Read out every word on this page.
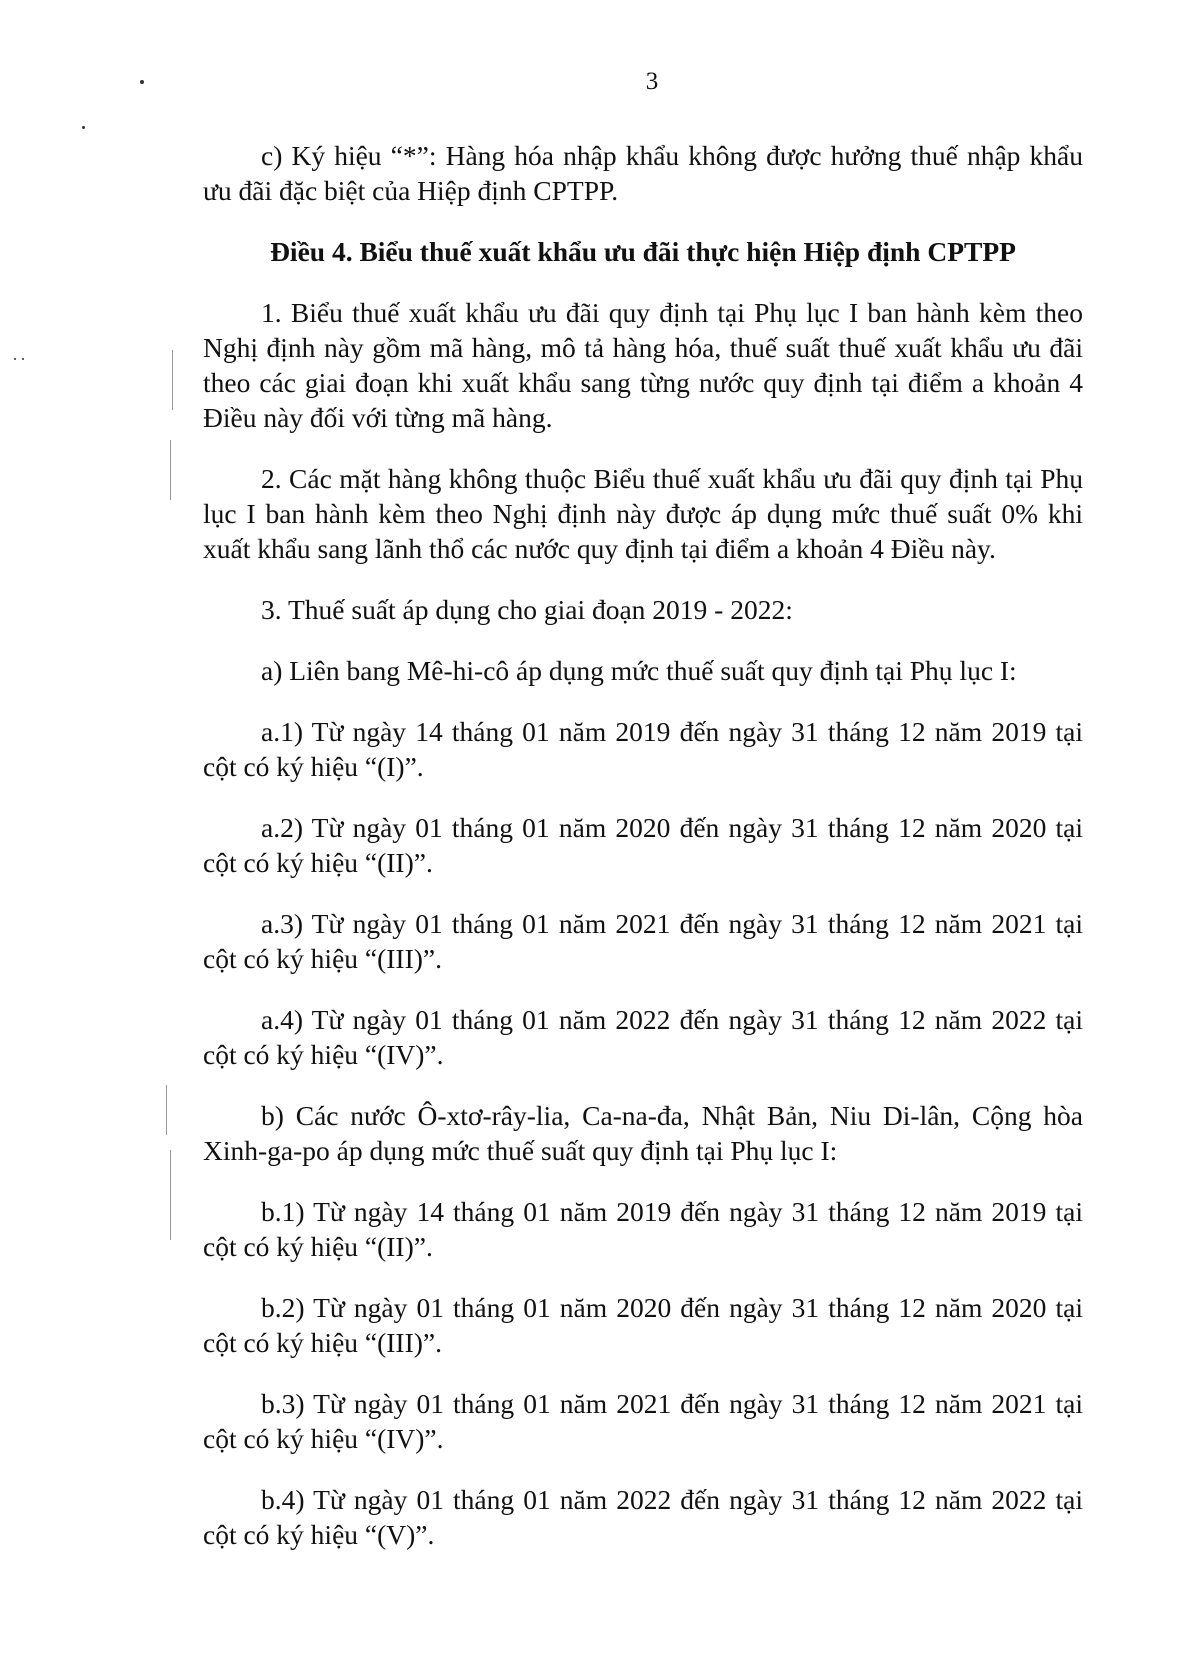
3

c) Ký hiệu “*”: Hàng hóa nhập khẩu không được hưởng thuế nhập khẩu ưu đãi đặc biệt của Hiệp định CPTPP.

Điều 4. Biểu thuế xuất khẩu ưu đãi thực hiện Hiệp định CPTPP

1. Biểu thuế xuất khẩu ưu đãi quy định tại Phụ lục I ban hành kèm theo Nghị định này gồm mã hàng, mô tả hàng hóa, thuế suất thuế xuất khẩu ưu đãi theo các giai đoạn khi xuất khẩu sang từng nước quy định tại điểm a khoản 4 Điều này đối với từng mã hàng.

2. Các mặt hàng không thuộc Biểu thuế xuất khẩu ưu đãi quy định tại Phụ lục I ban hành kèm theo Nghị định này được áp dụng mức thuế suất 0% khi xuất khẩu sang lãnh thổ các nước quy định tại điểm a khoản 4 Điều này.

3. Thuế suất áp dụng cho giai đoạn 2019 - 2022:

a) Liên bang Mê-hi-cô áp dụng mức thuế suất quy định tại Phụ lục I:

a.1) Từ ngày 14 tháng 01 năm 2019 đến ngày 31 tháng 12 năm 2019 tại cột có ký hiệu “(I)”.

a.2) Từ ngày 01 tháng 01 năm 2020 đến ngày 31 tháng 12 năm 2020 tại cột có ký hiệu “(II)”.

a.3) Từ ngày 01 tháng 01 năm 2021 đến ngày 31 tháng 12 năm 2021 tại cột có ký hiệu “(III)”.

a.4) Từ ngày 01 tháng 01 năm 2022 đến ngày 31 tháng 12 năm 2022 tại cột có ký hiệu “(IV)”.

b) Các nước Ô-xtơ-rây-lia, Ca-na-đa, Nhật Bản, Niu Di-lân, Cộng hòa Xinh-ga-po áp dụng mức thuế suất quy định tại Phụ lục I:

b.1) Từ ngày 14 tháng 01 năm 2019 đến ngày 31 tháng 12 năm 2019 tại cột có ký hiệu “(II)”.

b.2) Từ ngày 01 tháng 01 năm 2020 đến ngày 31 tháng 12 năm 2020 tại cột có ký hiệu “(III)”.

b.3) Từ ngày 01 tháng 01 năm 2021 đến ngày 31 tháng 12 năm 2021 tại cột có ký hiệu “(IV)”.

b.4) Từ ngày 01 tháng 01 năm 2022 đến ngày 31 tháng 12 năm 2022 tại cột có ký hiệu “(V)”.
